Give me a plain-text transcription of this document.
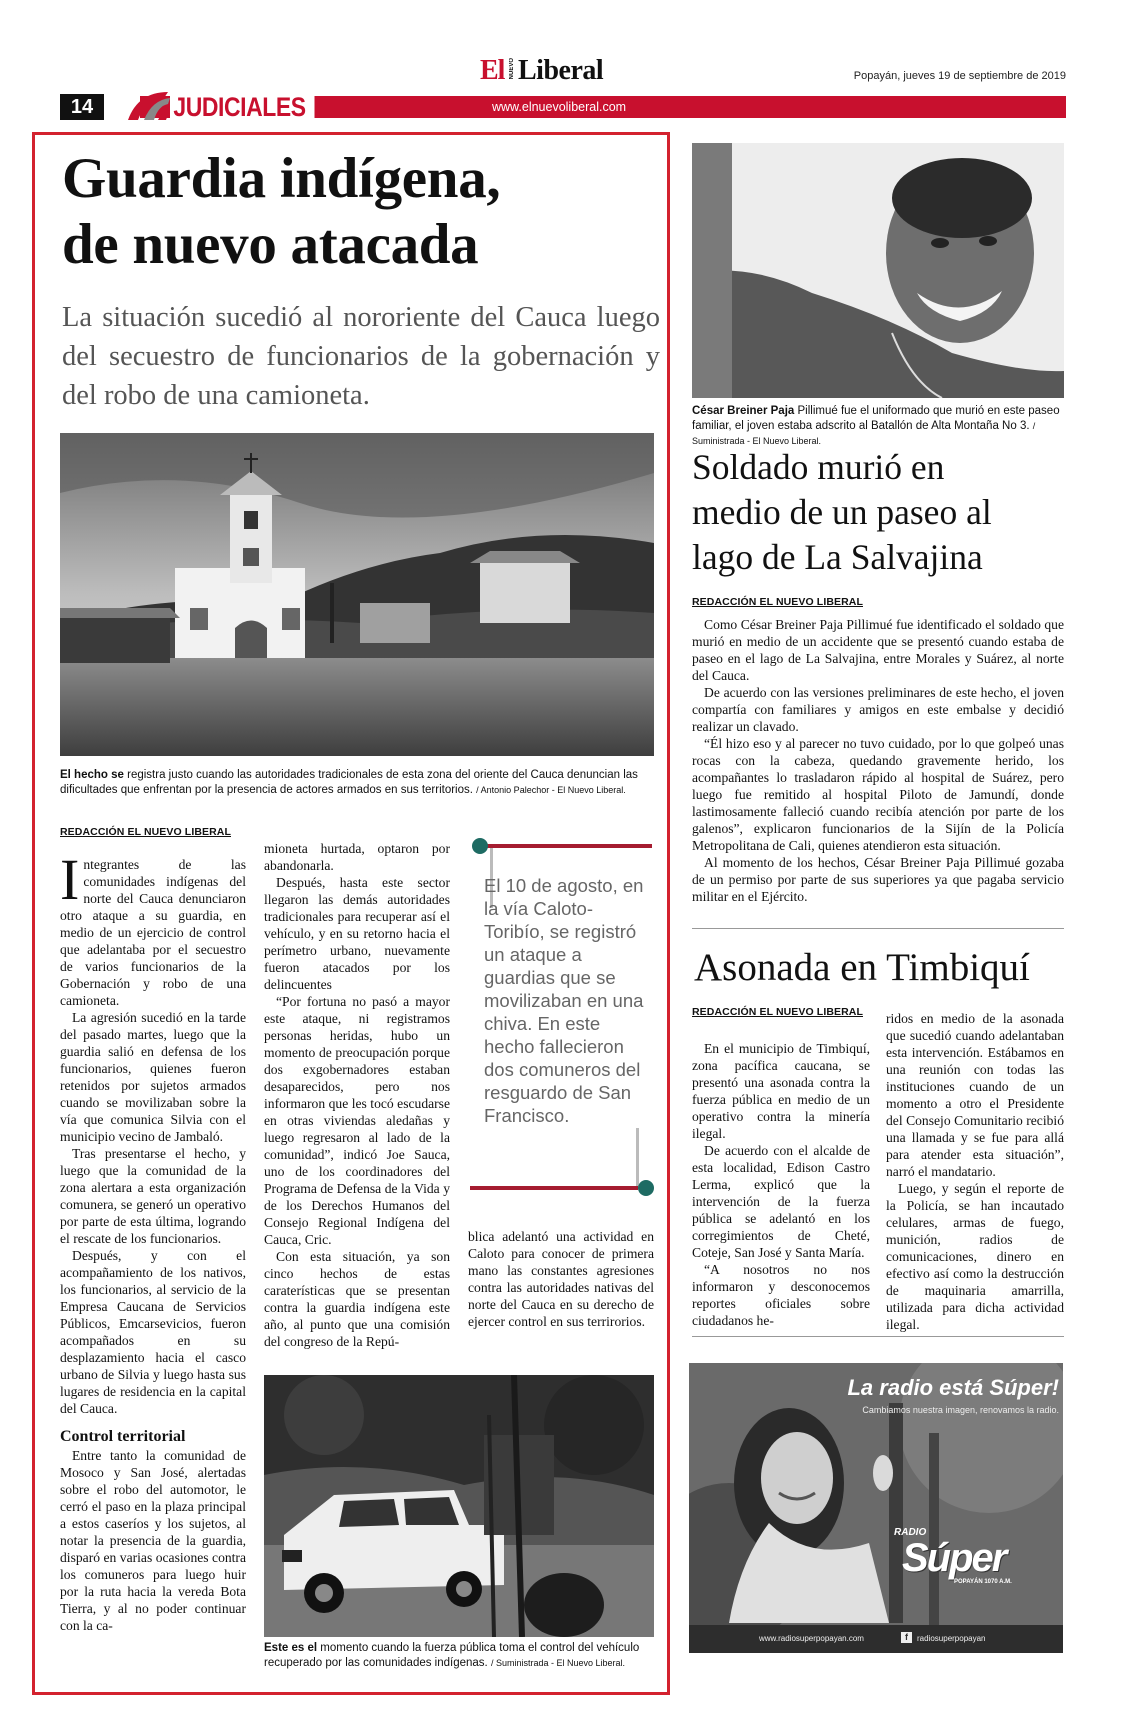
14	JUDICIALES
El NUEVO Liberal
www.elnuevoliberal.com
Popayán, jueves 19 de septiembre de 2019
Guardia indígena,
de nuevo atacada
La situación sucedió al nororiente del Cauca luego del secuestro de funcionarios de la gobernación y del robo de una camioneta.
El hecho se registra justo cuando las autoridades tradicionales de esta zona del oriente del Cauca denuncian las dificultades que enfrentan por la presencia de actores armados en sus territorios. / Antonio Palechor - El Nuevo Liberal.
REDACCIÓN EL NUEVO LIBERAL

Integrantes de las comunidades indígenas del norte del Cauca denunciaron otro ataque a su guardia, en medio de un ejercicio de control que adelantaba por el secuestro de varios funcionarios de la Gobernación y robo de una camioneta.

La agresión sucedió en la tarde del pasado martes, luego que la guardia salió en defensa de los funcionarios, quienes fueron retenidos por sujetos armados cuando se movilizaban sobre la vía que comunica Silvia con el municipio vecino de Jambaló.

Tras presentarse el hecho, y luego que la comunidad de la zona alertara a esta organización comunera, se generó un operativo por parte de esta última, logrando el rescate de los funcionarios.

Después, y con el acompañamiento de los nativos, los funcionarios, al servicio de la Empresa Caucana de Servicios Públicos, Emcarsevicios, fueron acompañados en su desplazamiento hacia el casco urbano de Silvia y luego hasta sus lugares de residencia en la capital del Cauca.

Control territorial

Entre tanto la comunidad de Mosoco y San José, alertadas sobre el robo del automotor, le cerró el paso en la plaza principal a estos caseríos y los sujetos, al notar la presencia de la guardia, disparó en varias ocasiones contra los comuneros para luego huir por la ruta hacia la vereda Bota Tierra, y al no poder continuar con la ca-

mioneta hurtada, optaron por abandonarla.

Después, hasta este sector llegaron las demás autoridades tradicionales para recuperar así el vehículo, y en su retorno hacia el perímetro urbano, nuevamente fueron atacados por los delincuentes

“Por fortuna no pasó a mayor este ataque, ni registramos personas heridas, hubo un momento de preocupación porque dos exgobernadores estaban desaparecidos, pero nos informaron que les tocó escudarse en otras viviendas aledañas y luego regresaron al lado de la comunidad”, indicó Joe Sauca, uno de los coordinadores del Programa de Defensa de la Vida y de los Derechos Humanos del Consejo Regional Indígena del Cauca, Cric.

Con esta situación, ya son cinco hechos de estas caraterísticas que se presentan contra la guardia indígena este año, al punto que una comisión del congreso de la Repú-

El 10 de agosto, en la vía Caloto-Toribío, se registró un ataque a guardias que se movilizaban en una chiva. En este hecho fallecieron dos comuneros del resguardo de San Francisco.

blica adelantó una actividad en Caloto para conocer de primera mano las constantes agresiones contra las autoridades nativas del norte del Cauca en su derecho de ejercer control en sus terrirorios.

Este es el momento cuando la fuerza pública toma el control del vehículo recuperado por las comunidades indígenas. / Suministrada - El Nuevo Liberal.
César Breiner Paja Pillimué fue el uniformado que murió en este paseo familiar, el joven estaba adscrito al Batallón de Alta Montaña No 3. / Suministrada - El Nuevo Liberal.
Soldado murió en medio de un paseo al lago de La Salvajina
REDACCIÓN EL NUEVO LIBERAL

Como César Breiner Paja Pillimué fue identificado el soldado que murió en medio de un accidente que se presentó cuando estaba de paseo en el lago de La Salvajina, entre Morales y Suárez, al norte del Cauca.

De acuerdo con las versiones preliminares de este hecho, el joven compartía con familiares y amigos en este embalse y decidió realizar un clavado.

“Él hizo eso y al parecer no tuvo cuidado, por lo que golpeó unas rocas con la cabeza, quedando gravemente herido, los acompañantes lo trasladaron rápido al hospital de Suárez, pero luego fue remitido al hospital Piloto de Jamundí, donde lastimosamente falleció cuando recibía atención por parte de los galenos”, explicaron funcionarios de la Sijín de la Policía Metropolitana de Cali, quienes atendieron esta situación.

Al momento de los hechos, César Breiner Paja Pillimué gozaba de un permiso por parte de sus superiores ya que pagaba servicio militar en el Ejército.

Asonada en Timbiquí
REDACCIÓN EL NUEVO LIBERAL

En el municipio de Timbiquí, zona pacífica caucana, se presentó una asonada contra la fuerza pública en medio de un operativo contra la minería ilegal.

De acuerdo con el alcalde de esta localidad, Edison Castro Lerma, explicó que la intervención de la fuerza pública se adelantó en los corregimientos de Cheté, Coteje, San José y Santa María.

“A nosotros no nos informaron y desconocemos reportes oficiales sobre ciudadanos he-

ridos en medio de la asonada que sucedió cuando adelantaban esta intervención. Estábamos en una reunión con todas las instituciones cuando de un momento a otro el Presidente del Consejo Comunitario recibió una llamada y se fue para allá para atender esta situación”, narró el mandatario.

Luego, y según el reporte de la Policía, se han incautado celulares, armas de fuego, munición, radios de comunicaciones, dinero en efectivo así como la destrucción de maquinaria amarrilla, utilizada para dicha actividad ilegal.

La radio está Súper!
Cambiamos nuestra imagen, renovamos la radio.
RADIO
Súper
POPAYÁN 1070 A.M.
www.radiosuperpopayan.com	f	radiosuperpopayan
